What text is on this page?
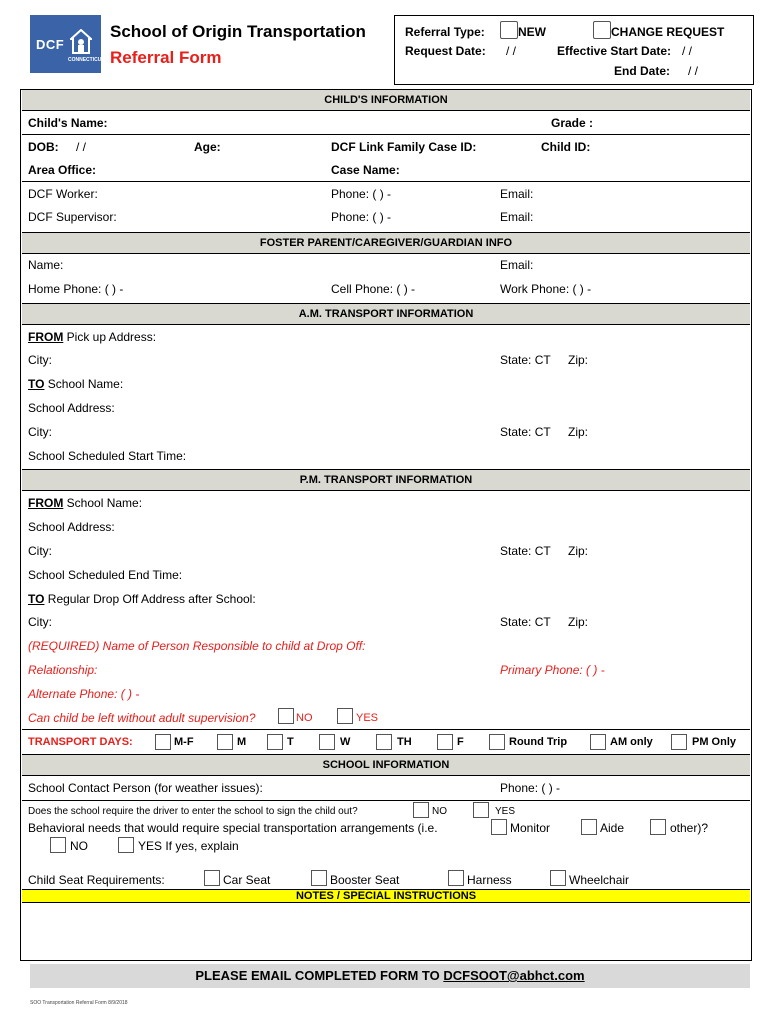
DCF
CONNECTICUT
School of Origin Transportation
Referral Form
Referral Type:	NEW	CHANGE REQUEST
Request Date: / /	Effective Start Date: / /
End Date: / /
CHILD'S INFORMATION
Child's Name:	Grade :
DOB: / /	Age:	DCF Link Family Case ID:	Child ID:
Area Office:	Case Name:
DCF Worker:	Phone: ( ) -	Email:
DCF Supervisor:	Phone: ( ) -	Email:
FOSTER PARENT/CAREGIVER/GUARDIAN INFO
Name:	Email:
Home Phone: ( ) -	Cell Phone: ( ) -	Work Phone: ( ) -
A.M. TRANSPORT INFORMATION
FROM Pick up Address:
City:	State: CT Zip:
TO School Name:
School Address:
City:	State: CT Zip:
School Scheduled Start Time:
P.M. TRANSPORT INFORMATION
FROM School Name:
School Address:
City:	State: CT Zip:
School Scheduled End Time:
TO Regular Drop Off Address after School:
City:	State: CT Zip:
(REQUIRED) Name of Person Responsible to child at Drop Off:
Relationship:	Primary Phone: ( ) -
Alternate Phone: ( ) -
Can child be left without adult supervision?	NO	YES
TRANSPORT DAYS:	M-F	M	T	W	TH	F	Round Trip	AM only	PM Only
SCHOOL INFORMATION
School Contact Person (for weather issues):	Phone: ( ) -
Does the school require the driver to enter the school to sign the child out?	NO	YES
Behavioral needs that would require special transportation arrangements (i.e.	Monitor	Aide	other)?
NO	YES If yes, explain
Child Seat Requirements:	Car Seat	Booster Seat	Harness	Wheelchair
NOTES / SPECIAL INSTRUCTIONS
PLEASE EMAIL COMPLETED FORM TO DCFSOOT@abhct.com
SOO Transportation Referral Form 8/9/2018
